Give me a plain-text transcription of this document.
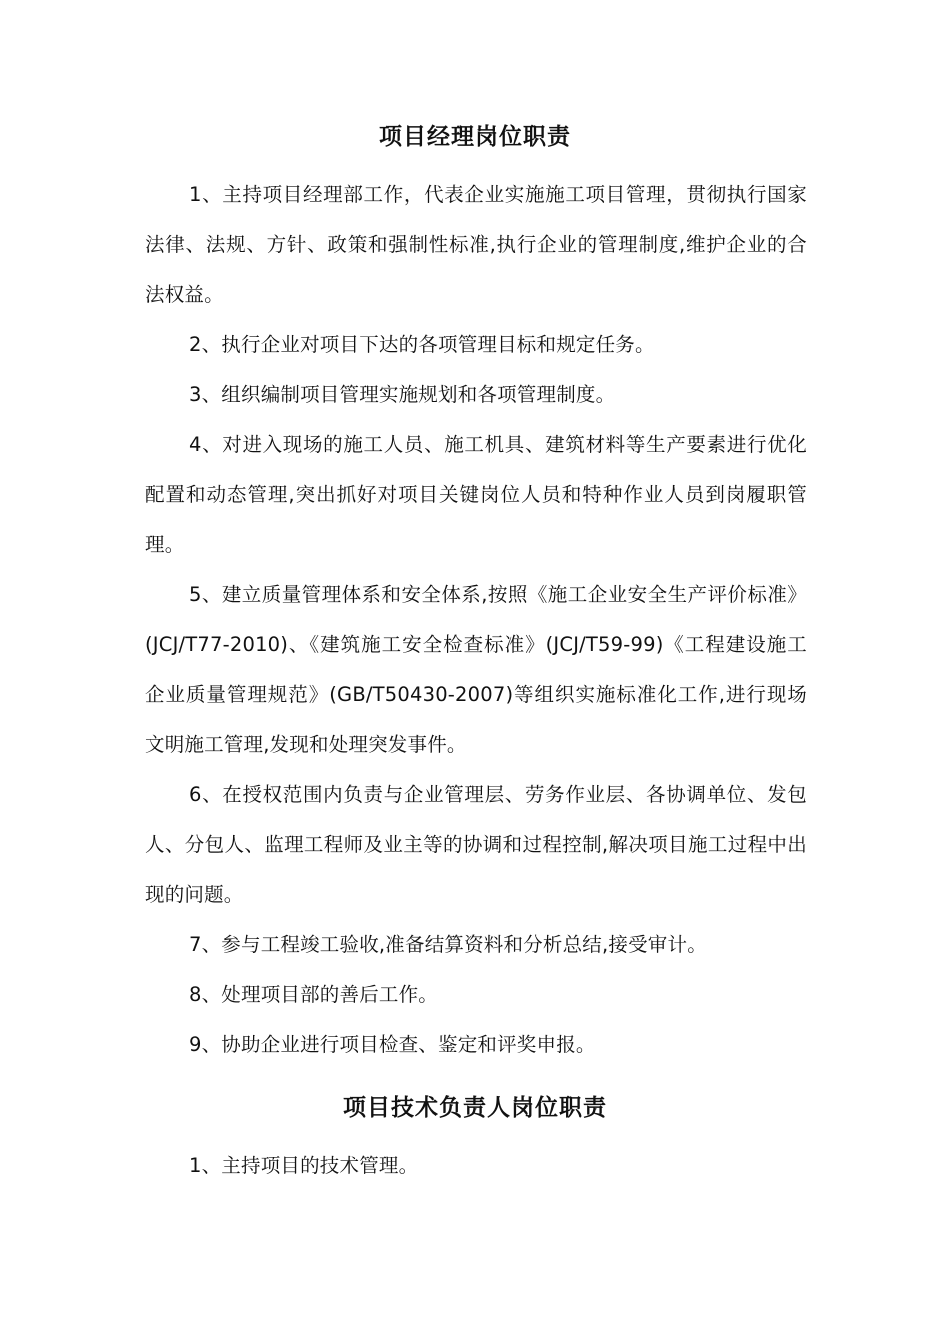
项目经理岗位职责
1、主持项目经理部工作，代表企业实施施工项目管理，贯彻执行国家法律、法规、方针、政策和强制性标准,执行企业的管理制度,维护企业的合法权益。
2、执行企业对项目下达的各项管理目标和规定任务。
3、组织编制项目管理实施规划和各项管理制度。
4、对进入现场的施工人员、施工机具、建筑材料等生产要素进行优化配置和动态管理,突出抓好对项目关键岗位人员和特种作业人员到岗履职管理。
5、建立质量管理体系和安全体系,按照《施工企业安全生产评价标准》(JCJ/T77-2010)、《建筑施工安全检查标准》(JCJ/T59-99)《工程建设施工企业质量管理规范》(GB/T50430-2007)等组织实施标准化工作,进行现场文明施工管理,发现和处理突发事件。
6、在授权范围内负责与企业管理层、劳务作业层、各协调单位、发包人、分包人、监理工程师及业主等的协调和过程控制,解决项目施工过程中出现的问题。
7、参与工程竣工验收,准备结算资料和分析总结,接受审计。
8、处理项目部的善后工作。
9、协助企业进行项目检查、鉴定和评奖申报。
项目技术负责人岗位职责
1、主持项目的技术管理。
